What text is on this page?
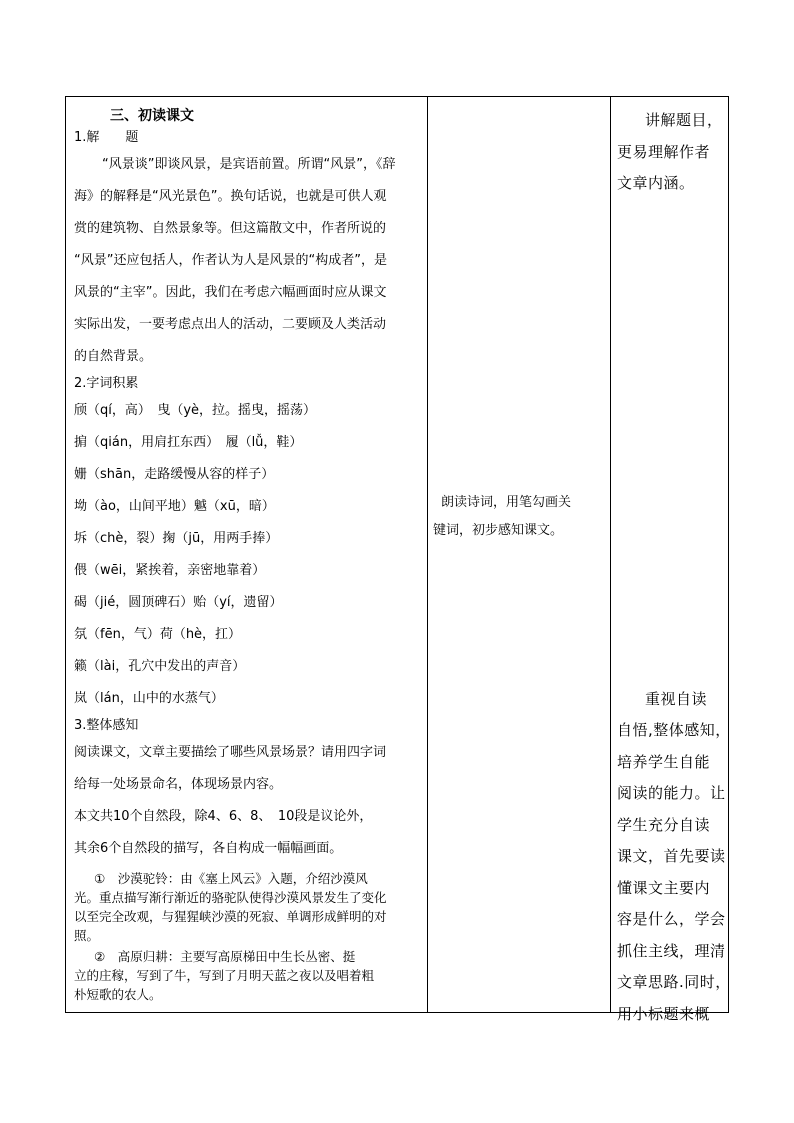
三、初读课文
1.解　　题
“风景谈”即谈风景，是宾语前置。所谓“风景”，《辞
海》的解释是“风光景色”。换句话说，也就是可供人观
赏的建筑物、自然景象等。但这篇散文中，作者所说的
“风景”还应包括人，作者认为人是风景的“构成者”，是
风景的“主宰”。因此，我们在考虑六幅画面时应从课文
实际出发，一要考虑点出人的活动，二要顾及人类活动
的自然背景。
2.字词积累
颀（qí，高）　曳（yè，拉。摇曳，摇荡）
掮（qián，用肩扛东西）　履（lǚ，鞋）
姗（shān，走路缓慢从容的样子）
坳（ào，山间平地）魆（xū，暗）
坼（chè，裂）掬（jū，用两手捧）
偎（wēi，紧挨着，亲密地靠着）
碣（jié，圆顶碑石）贻（yí，遗留）
氛（fēn，气）荷（hè，扛）
籁（lài，孔穴中发出的声音）
岚（lán，山中的水蒸气）
3.整体感知
阅读课文，文章主要描绘了哪些风景场景？请用四字词
给每一处场景命名，体现场景内容。
本文共10个自然段，除4、6、8、　10段是议论外，
其余6个自然段的描写，各自构成一幅幅画面。
①　沙漠驼铃：由《塞上风云》入题，介绍沙漠风
光。重点描写渐行渐近的骆驼队使得沙漠风景发生了变化
以至完全改观，与猩猩峡沙漠的死寂、单调形成鲜明的对
照。
②　高原归耕：主要写高原梯田中生长丛密、挺
立的庄稼，写到了牛，写到了月明天蓝之夜以及唱着粗
朴短歌的农人。
朗读诗词，用笔勾画关
键词，初步感知课文。
讲解题目，
更易理解作者
文章内涵。
重视自读
自悟,整体感知，
培养学生自能
阅读的能力。让
学生充分自读
课文，首先要读
懂课文主要内
容是什么，学会
抓住主线，理清
文章思路.同时，
用小标题来概
